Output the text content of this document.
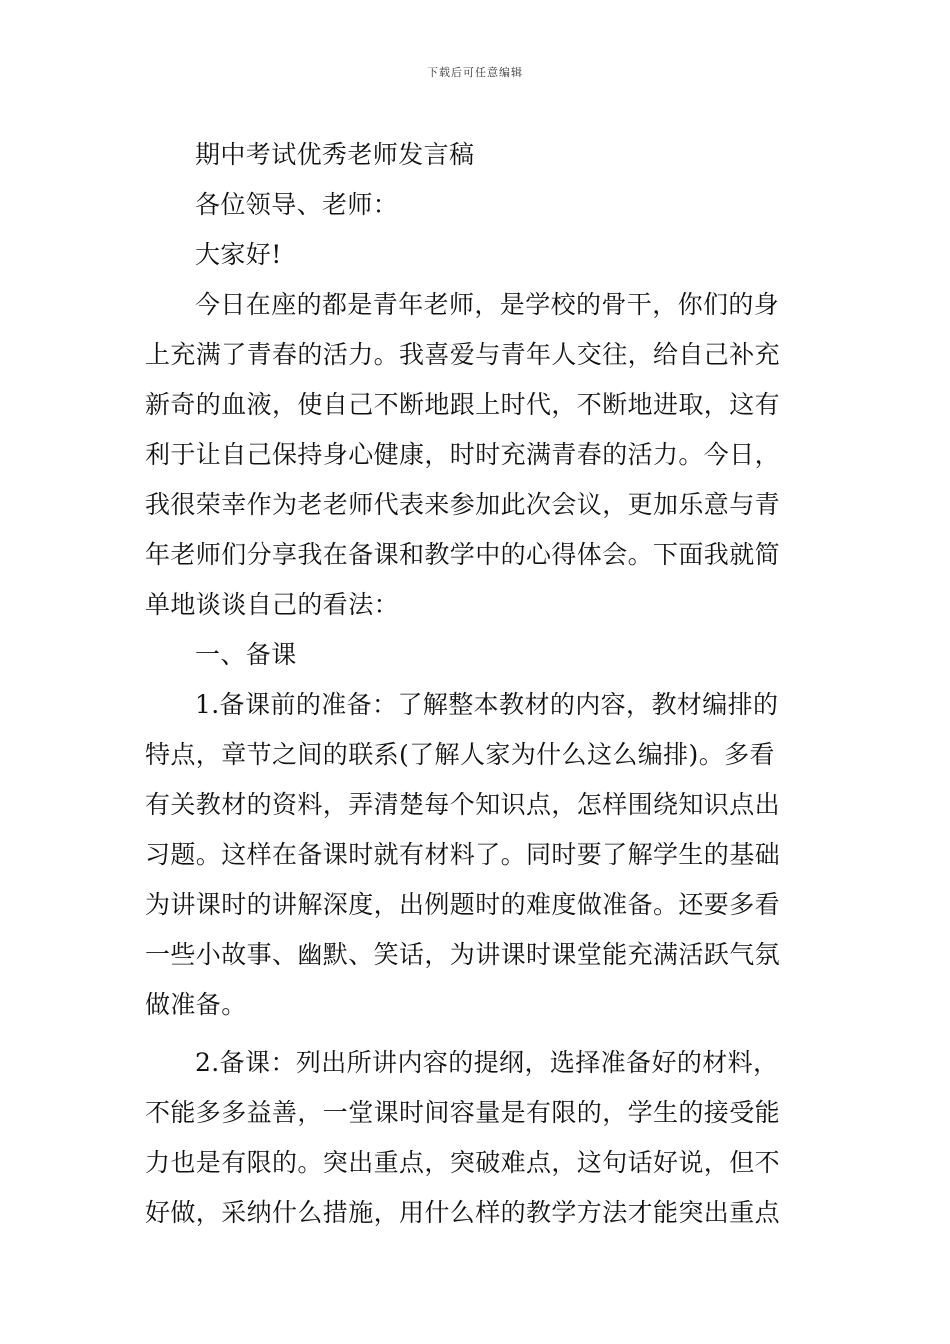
下载后可任意编辑
期中考试优秀老师发言稿
各位领导、老师：
大家好!
今日在座的都是青年老师，是学校的骨干，你们的身
上充满了青春的活力。我喜爱与青年人交往，给自己补充
新奇的血液，使自己不断地跟上时代，不断地进取，这有
利于让自己保持身心健康，时时充满青春的活力。今日，
我很荣幸作为老老师代表来参加此次会议，更加乐意与青
年老师们分享我在备课和教学中的心得体会。下面我就简
单地谈谈自己的看法：
一、备课
1.备课前的准备：了解整本教材的内容，教材编排的
特点，章节之间的联系(了解人家为什么这么编排)。多看
有关教材的资料，弄清楚每个知识点，怎样围绕知识点出
习题。这样在备课时就有材料了。同时要了解学生的基础
为讲课时的讲解深度，出例题时的难度做准备。还要多看
一些小故事、幽默、笑话，为讲课时课堂能充满活跃气氛
做准备。
2.备课：列出所讲内容的提纲，选择准备好的材料，
不能多多益善，一堂课时间容量是有限的，学生的接受能
力也是有限的。突出重点，突破难点，这句话好说，但不
好做，采纳什么措施，用什么样的教学方法才能突出重点
